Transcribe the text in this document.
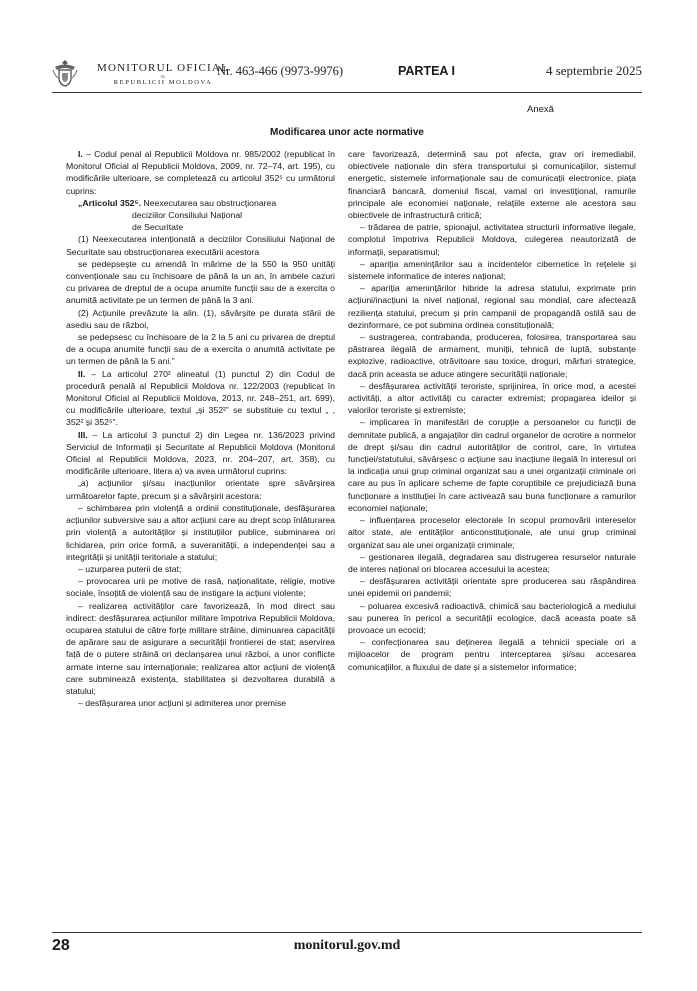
MONITORUL OFICIAL
AL
REPUBLICII MOLDOVA
Nr. 463-466 (9973-9976)	PARTEA I	4 septembrie 2025
Anexă
Modificarea unor acte normative

I. – Codul penal al Republicii Moldova nr. 985/2002 (republicat în Monitorul Oficial al Republicii Moldova, 2009, nr. 72–74, art. 195), cu modificările ulterioare, se completează cu articolul 352⁵ cu următorul cuprins:

„Articolul 352⁵. Neexecutarea sau obstrucționarea
deciziilor Consiliului Național
de Securitate

(1) Neexecutarea intenționată a deciziilor Consiliului Național de Securitate sau obstrucționarea executării acestora

se pedepsește cu amendă în mărime de la 550 la 950 unități convenționale sau cu închisoare de până la un an, în ambele cazuri cu privarea de dreptul de a ocupa anumite funcții sau de a exercita o anumită activitate pe un termen de până la 3 ani.

(2) Acțiunile prevăzute la alin. (1), săvârșite pe durata stării de asediu sau de război,

se pedepsesc cu închisoare de la 2 la 5 ani cu privarea de dreptul de a ocupa anumite funcții sau de a exercita o anumită activitate pe un termen de până la 5 ani.”

II. – La articolul 270² alineatul (1) punctul 2) din Codul de procedură penală al Republicii Moldova nr. 122/2003 (republicat în Monitorul Oficial al Republicii Moldova, 2013, nr. 248–251, art. 699), cu modificările ulterioare, textul „și 352²” se substituie cu textul „ , 352² și 352⁵”.

III. – La articolul 3 punctul 2) din Legea nr. 136/2023 privind Serviciul de Informații și Securitate al Republicii Moldova (Monitorul Oficial al Republicii Moldova, 2023, nr. 204–207, art. 358), cu modificările ulterioare, litera a) va avea următorul cuprins:

„a) acțiunilor și/sau inacțiunilor orientate spre săvârșirea următoarelor fapte, precum și a săvârșirii acestora:

– schimbarea prin violență a ordinii constituționale, desfășurarea acțiunilor subversive sau a altor acțiuni care au drept scop înlăturarea prin violență a autorităților și instituțiilor publice, subminarea ori lichidarea, prin orice formă, a suveranității, a independenței sau a integrității și unității teritoriale a statului;

– uzurparea puterii de stat;

– provocarea urii pe motive de rasă, naționalitate, religie, motive sociale, însoțită de violență sau de instigare la acțiuni violente;

– realizarea activităților care favorizează, în mod direct sau indirect: desfășurarea acțiunilor militare împotriva Republicii Moldova, ocuparea statului de către forțe militare străine, diminuarea capacității de apărare sau de asigurare a securității frontierei de stat; aservirea față de o putere străină ori declanșarea unui război, a unor conflicte armate interne sau internaționale; realizarea altor acțiuni de violență care subminează existența, stabilitatea și dezvoltarea durabilă a statului;

– desfășurarea unor acțiuni și admiterea unor premise

care favorizează, determină sau pot afecta, grav ori iremediabil, obiectivele naționale din sfera transportului și comunicațiilor, sistemul energetic, sistemele informaționale sau de comunicații electronice, piața financiară bancară, domeniul fiscal, vamal ori investițional, ramurile principale ale economiei naționale, relațiile externe ale acestora sau obiectivele de infrastructură critică;

– trădarea de patrie, spionajul, activitatea structurii informative ilegale, complotul împotriva Republicii Moldova, culegerea neautorizată de informații, separatismul;

– apariția amenințărilor sau a incidentelor cibernetice în rețelele și sistemele informatice de interes național;

– apariția amenințărilor hibride la adresa statului, exprimate prin acțiuni/inacțiuni la nivel național, regional sau mondial, care afectează reziliența statului, precum și prin campanii de propagandă ostilă sau de dezinformare, ce pot submina ordinea constituțională;

– sustragerea, contrabanda, producerea, folosirea, transportarea sau păstrarea ilegală de armament, muniții, tehnică de luptă, substanțe explozive, radioactive, otrăvitoare sau toxice, droguri, mărfuri strategice, dacă prin aceasta se aduce atingere securității naționale;

– desfășurarea activității teroriste, sprijinirea, în orice mod, a acestei activități, a altor activități cu caracter extremist; propagarea ideilor și valorilor teroriste și extremiste;

– implicarea în manifestări de corupție a persoanelor cu funcții de demnitate publică, a angajaților din cadrul organelor de ocrotire a normelor de drept și/sau din cadrul autorităților de control, care, în virtutea funcției/statutului, săvârșesc o acțiune sau inacțiune ilegală în interesul ori la indicația unui grup criminal organizat sau a unei organizații criminale ori care au pus în aplicare scheme de fapte coruptibile ce prejudiciază buna funcționare a instituției în care activează sau buna funcționare a ramurilor economiei naționale;

– influențarea proceselor electorale în scopul promovării intereselor altor state, ale entităților anticonstituționale, ale unui grup criminal organizat sau ale unei organizații criminale;

– gestionarea ilegală, degradarea sau distrugerea resurselor naturale de interes național ori blocarea accesului la acestea;

– desfășurarea activității orientate spre producerea sau răspândirea unei epidemii ori pandemii;

– poluarea excesivă radioactivă, chimică sau bacteriologică a mediului sau punerea în pericol a securității ecologice, dacă aceasta poate să provoace un ecocid;

– confecționarea sau deținerea ilegală a tehnicii speciale ori a mijloacelor de program pentru interceptarea și/sau accesarea comunicațiilor, a fluxului de date și a sistemelor informatice;

28	monitorul.gov.md
